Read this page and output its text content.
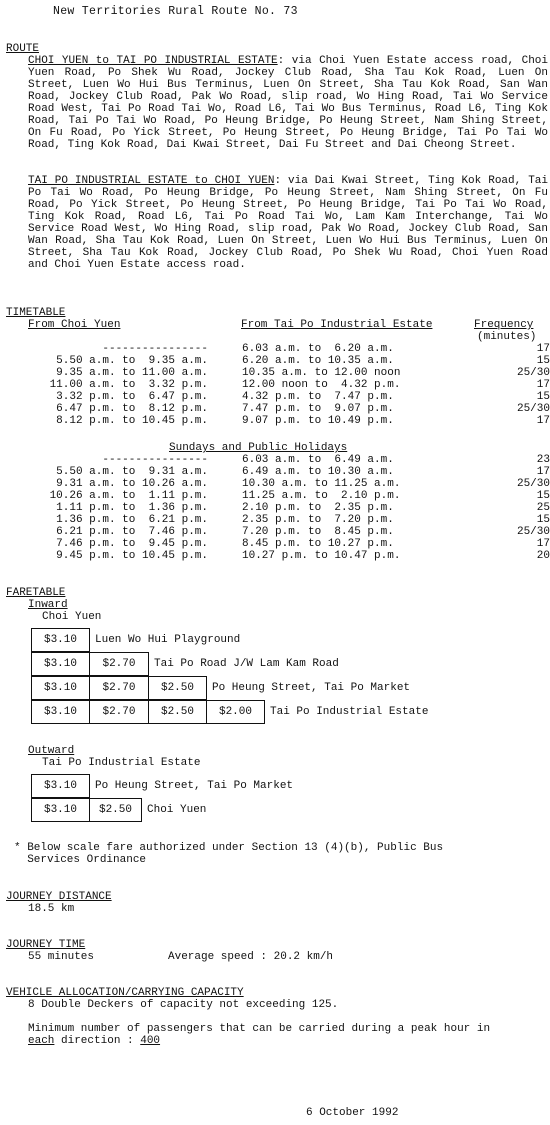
New Territories Rural Route No. 73
ROUTE
CHOI YUEN to TAI PO INDUSTRIAL ESTATE: via Choi Yuen Estate access road, Choi Yuen Road, Po Shek Wu Road, Jockey Club Road, Sha Tau Kok Road, Luen On Street, Luen Wo Hui Bus Terminus, Luen On Street, Sha Tau Kok Road, San Wan Road, Jockey Club Road, Pak Wo Road, slip road, Wo Hing Road, Tai Wo Service Road West, Tai Po Road Tai Wo, Road L6, Tai Wo Bus Terminus, Road L6, Ting Kok Road, Tai Po Tai Wo Road, Po Heung Bridge, Po Heung Street, Nam Shing Street, On Fu Road, Po Yick Street, Po Heung Street, Po Heung Bridge, Tai Po Tai Wo Road, Ting Kok Road, Dai Kwai Street, Dai Fu Street and Dai Cheong Street.
TAI PO INDUSTRIAL ESTATE to CHOI YUEN: via Dai Kwai Street, Ting Kok Road, Tai Po Tai Wo Road, Po Heung Bridge, Po Heung Street, Nam Shing Street, On Fu Road, Po Yick Street, Po Heung Street, Po Heung Bridge, Tai Po Tai Wo Road, Ting Kok Road, Road L6, Tai Po Road Tai Wo, Lam Kam Interchange, Tai Wo Service Road West, Wo Hing Road, slip road, Pak Wo Road, Jockey Club Road, San Wan Road, Sha Tau Kok Road, Luen On Street, Luen Wo Hui Bus Terminus, Luen On Street, Sha Tau Kok Road, Jockey Club Road, Po Shek Wu Road, Choi Yuen Road and Choi Yuen Estate access road.
TIMETABLE
From Choi Yuen	From Tai Po Industrial Estate	Frequency
(minutes)
----------------	6.03 a.m. to  6.20 a.m.	17
5.50 a.m. to  9.35 a.m.	6.20 a.m. to 10.35 a.m.	15
9.35 a.m. to 11.00 a.m.	10.35 a.m. to 12.00 noon	25/30
11.00 a.m. to  3.32 p.m.	12.00 noon to  4.32 p.m.	17
3.32 p.m. to  6.47 p.m.	4.32 p.m. to  7.47 p.m.	15
6.47 p.m. to  8.12 p.m.	7.47 p.m. to  9.07 p.m.	25/30
8.12 p.m. to 10.45 p.m.	9.07 p.m. to 10.49 p.m.	17
Sundays and Public Holidays
----------------	6.03 a.m. to  6.49 a.m.	23
5.50 a.m. to  9.31 a.m.	6.49 a.m. to 10.30 a.m.	17
9.31 a.m. to 10.26 a.m.	10.30 a.m. to 11.25 a.m.	25/30
10.26 a.m. to  1.11 p.m.	11.25 a.m. to  2.10 p.m.	15
1.11 p.m. to  1.36 p.m.	2.10 p.m. to  2.35 p.m.	25
1.36 p.m. to  6.21 p.m.	2.35 p.m. to  7.20 p.m.	15
6.21 p.m. to  7.46 p.m.	7.20 p.m. to  8.45 p.m.	25/30
7.46 p.m. to  9.45 p.m.	8.45 p.m. to 10.27 p.m.	17
9.45 p.m. to 10.45 p.m.	10.27 p.m. to 10.47 p.m.	20
FARETABLE
Inward
Choi Yuen
$3.10	Luen Wo Hui Playground
$3.10	$2.70	Tai Po Road J/W Lam Kam Road
$3.10	$2.70	$2.50	Po Heung Street, Tai Po Market
$3.10	$2.70	$2.50	$2.00	Tai Po Industrial Estate
Outward
Tai Po Industrial Estate
$3.10	Po Heung Street, Tai Po Market
$3.10	$2.50	Choi Yuen
* Below scale fare authorized under Section 13 (4)(b), Public Bus
Services Ordinance
JOURNEY DISTANCE
18.5 km
JOURNEY TIME
55 minutes	Average speed : 20.2 km/h
VEHICLE ALLOCATION/CARRYING CAPACITY
8 Double Deckers of capacity not exceeding 125.
Minimum number of passengers that can be carried during a peak hour in
each direction : 400
6 October 1992
